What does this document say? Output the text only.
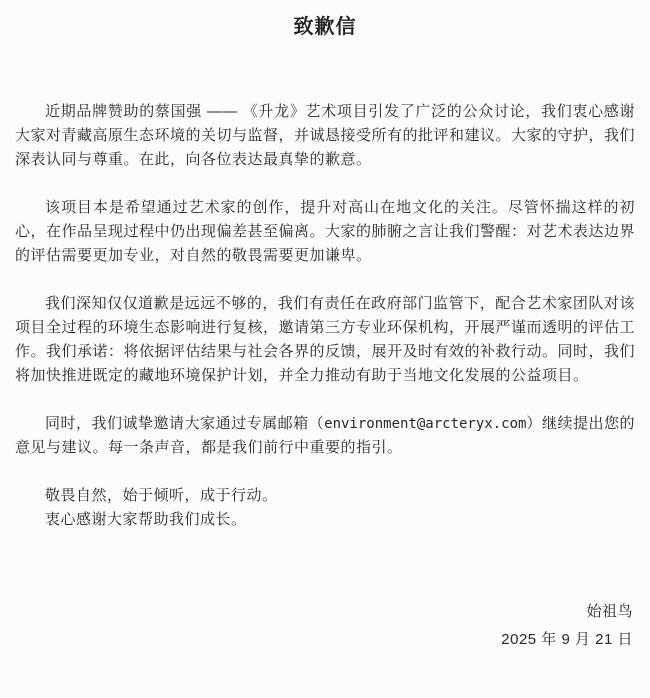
致歉信

近期品牌赞助的蔡国强 —— 《升龙》艺术项目引发了广泛的公众讨论，我们衷心感谢大家对青藏高原生态环境的关切与监督，并诚恳接受所有的批评和建议。大家的守护，我们深表认同与尊重。在此，向各位表达最真挚的歉意。

该项目本是希望通过艺术家的创作，提升对高山在地文化的关注。尽管怀揣这样的初心，在作品呈现过程中仍出现偏差甚至偏离。大家的肺腑之言让我们警醒：对艺术表达边界的评估需要更加专业，对自然的敬畏需要更加谦卑。

我们深知仅仅道歉是远远不够的，我们有责任在政府部门监管下，配合艺术家团队对该项目全过程的环境生态影响进行复核，邀请第三方专业环保机构，开展严谨而透明的评估工作。我们承诺：将依据评估结果与社会各界的反馈，展开及时有效的补救行动。同时，我们将加快推进既定的藏地环境保护计划，并全力推动有助于当地文化发展的公益项目。

同时，我们诚挚邀请大家通过专属邮箱（environment@arcteryx.com）继续提出您的意见与建议。每一条声音，都是我们前行中重要的指引。

敬畏自然，始于倾听，成于行动。

衷心感谢大家帮助我们成长。

始祖鸟
2025 年 9 月 21 日
